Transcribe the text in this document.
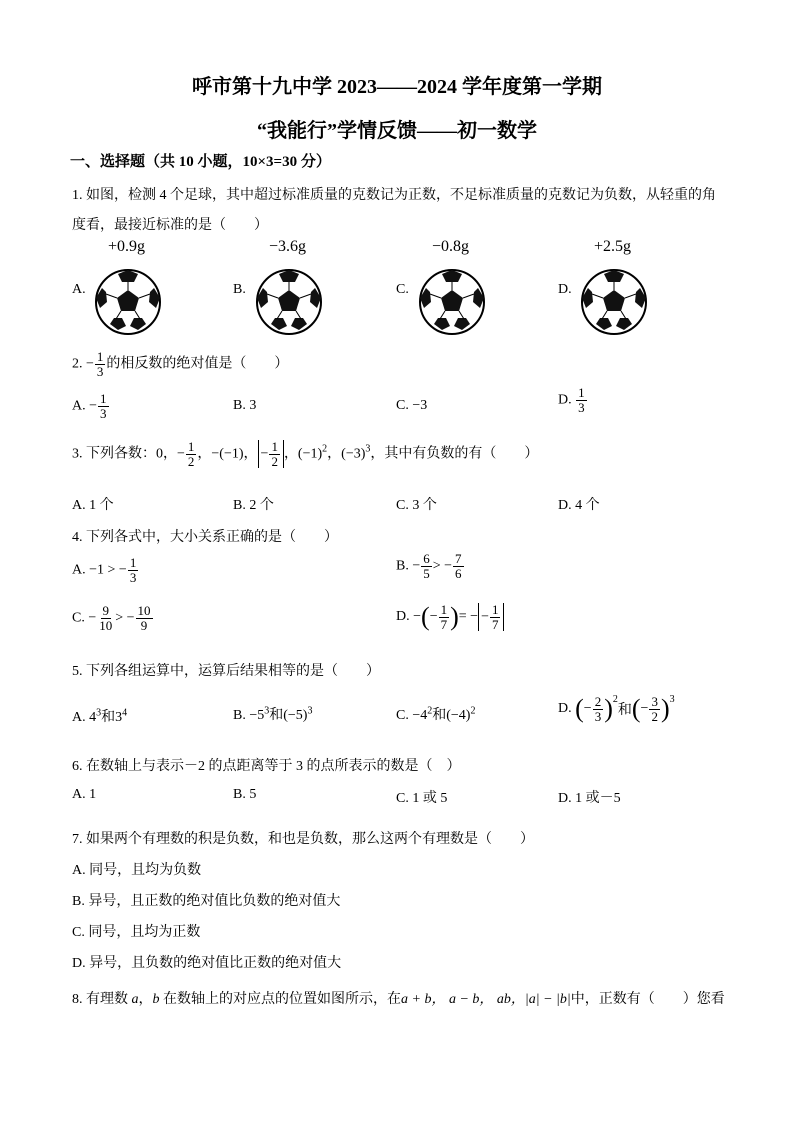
呼市第十九中学 2023——2024 学年度第一学期
“我能行”学情反馈——初一数学
一、选择题（共 10 小题，10×3=30 分）
1. 如图，检测 4 个足球，其中超过标准质量的克数记为正数，不足标准质量的克数记为负数，从轻重的角
度看，最接近标准的是（　　）
+0.9g
A.
−3.6g
B.
−0.8g
C.
+2.5g
D.
2. − $\frac{1}{3}$ 的相反数的绝对值是（　　）
A. − $\frac{1}{3}$	B. 3	C. −3	D. $\frac{1}{3}$
3. 下列各数：0，− $\frac{1}{2}$ ，−(−1)， − $\frac{1}{2}$ ，$(-1)^2$，$(-3)^3$，其中有负数的有（　　）
A. 1 个	B. 2 个	C. 3 个	D. 4 个
4. 下列各式中，大小关系正确的是（　　）
A. −1 > − $\frac{1}{3}$	B. − $\frac{6}{5}$ > − $\frac{7}{6}$
C. − $\frac{9}{10}$ > − $\frac{10}{9}$	D. −(− $\frac{1}{7}$ )= − − $\frac{1}{7}$
5. 下列各组运算中，运算后结果相等的是（　　）
A. $4^3$和$3^4$	B. $-5^3$和$(-5)^3$	C. $-4^2$和$(-4)^2$	D. (− $\frac{2}{3} )^2$和(− $\frac{3}{2} )^3$
6. 在数轴上与表示－2 的点距离等于 3 的点所表示的数是（　）
A. 1	B. 5	C. 1 或 5	D. 1 或－5
7. 如果两个有理数的积是负数，和也是负数，那么这两个有理数是（　　）
A. 同号，且均为负数
B. 异号，且正数的绝对值比负数的绝对值大
C. 同号，且均为正数
D. 异号，且负数的绝对值比正数的绝对值大
8. 有理数 a，b 在数轴上的对应点的位置如图所示，在a + b， a − b， ab，|a| − |b|中，正数有（　　）您看
